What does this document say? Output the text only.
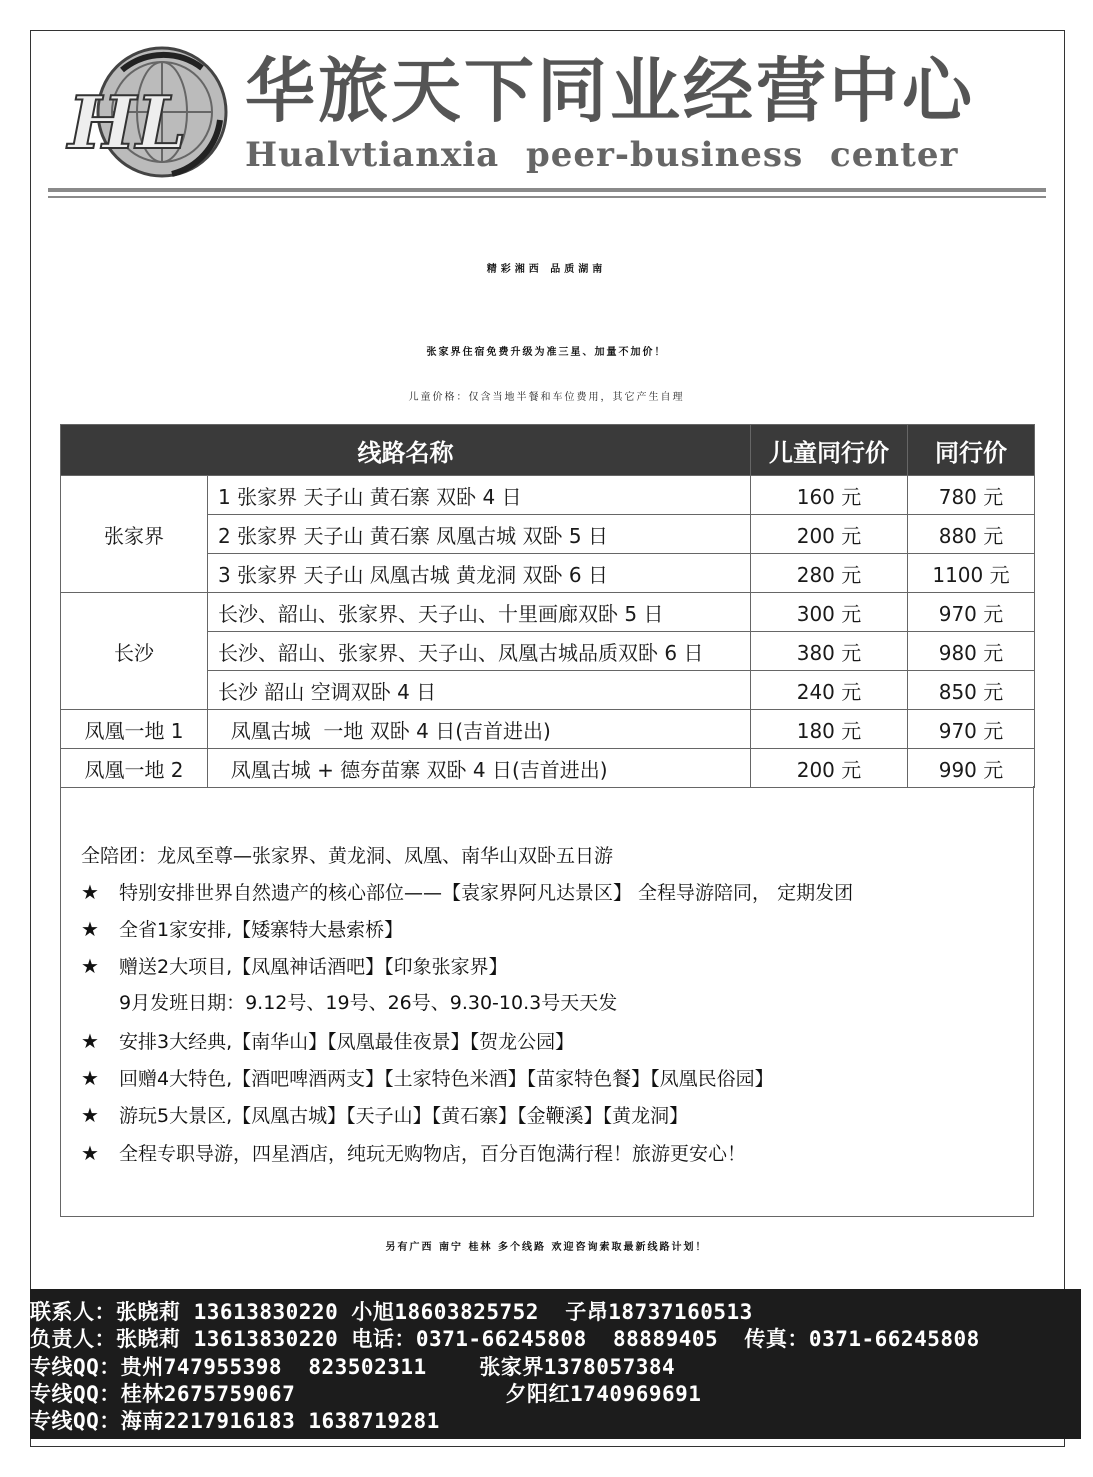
HL 华旅天下同业经营中心
Hualvtianxia peer-business center
精彩湘西 品质湖南
张家界住宿免费升级为准三星、加量不加价！
儿童价格：仅含当地半餐和车位费用，其它产生自理
线路名称		儿童同行价	同行价
张家界	1 张家界 天子山 黄石寨 双卧 4 日	160 元	780 元
	2 张家界 天子山 黄石寨 凤凰古城 双卧 5 日	200 元	880 元
	3 张家界 天子山 凤凰古城 黄龙洞 双卧 6 日	280 元	1100 元
长沙	长沙、韶山、张家界、天子山、十里画廊双卧 5 日	300 元	970 元
	长沙、韶山、张家界、天子山、凤凰古城品质双卧 6 日	380 元	980 元
	长沙 韶山 空调双卧 4 日	240 元	850 元
凤凰一地 1	凤凰古城  一地 双卧 4 日(吉首进出)	180 元	970 元
凤凰一地 2	凤凰古城 + 德夯苗寨 双卧 4 日(吉首进出)	200 元	990 元
全陪团：龙凤至尊—张家界、黄龙洞、凤凰、南华山双卧五日游
★ 特别安排世界自然遗产的核心部位——【袁家界阿凡达景区】 全程导游陪同， 定期发团
★ 全省1家安排,【矮寨特大悬索桥】
★ 赠送2大项目,【凤凰神话酒吧】【印象张家界】
9月发班日期：9.12号、19号、26号、9.30-10.3号天天发
★ 安排3大经典,【南华山】【凤凰最佳夜景】【贺龙公园】
★ 回赠4大特色,【酒吧啤酒两支】【土家特色米酒】【苗家特色餐】【凤凰民俗园】
★ 游玩5大景区,【凤凰古城】【天子山】【黄石寨】【金鞭溪】【黄龙洞】
★ 全程专职导游，四星酒店，纯玩无购物店，百分百饱满行程！旅游更安心！
另有广西 南宁 桂林 多个线路 欢迎咨询索取最新线路计划！
联系人：张晓莉 13613830220 小旭18603825752  子昂18737160513
负责人：张晓莉 13613830220 电话：0371-66245808  88889405  传真：0371-66245808
专线QQ：贵州747955398  823502311    张家界1378057384
专线QQ：桂林2675759067                夕阳红1740969691
专线QQ：海南2217916183 1638719281
